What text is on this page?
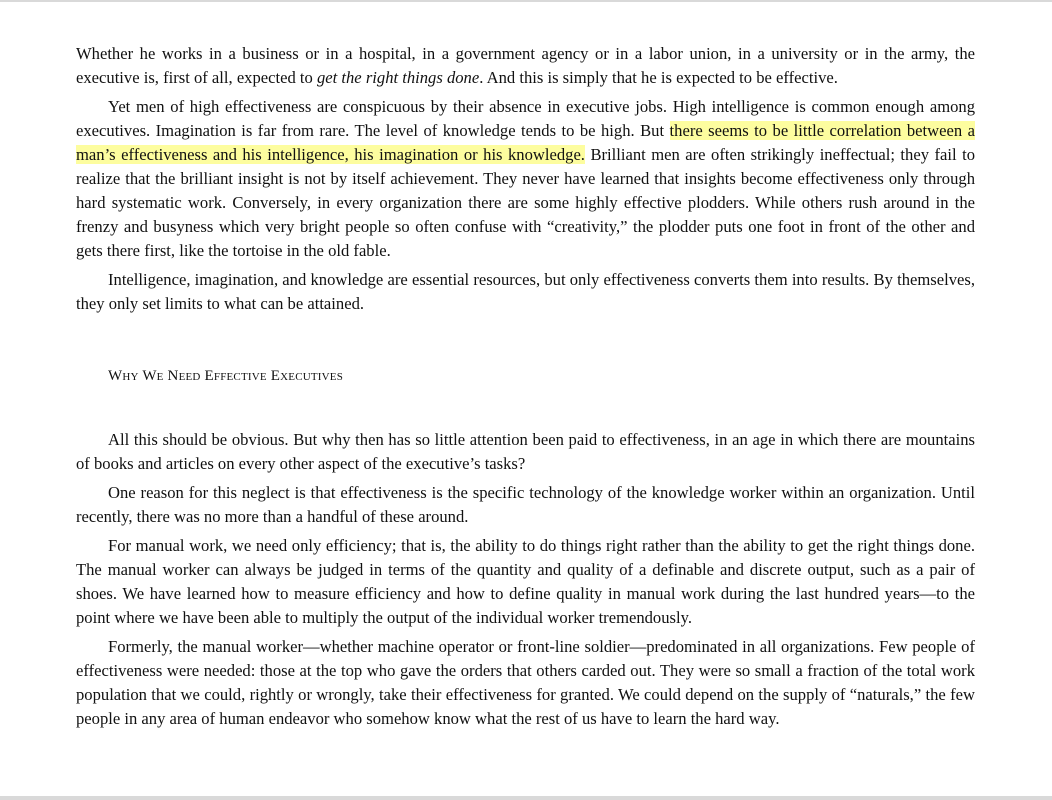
Whether he works in a business or in a hospital, in a government agency or in a labor union, in a university or in the army, the executive is, first of all, expected to get the right things done. And this is simply that he is expected to be effective.

Yet men of high effectiveness are conspicuous by their absence in executive jobs. High intelligence is common enough among executives. Imagination is far from rare. The level of knowledge tends to be high. But there seems to be little correlation between a man’s effectiveness and his intelligence, his imagination or his knowledge. Brilliant men are often strikingly ineffectual; they fail to realize that the brilliant insight is not by itself achievement. They never have learned that insights become effectiveness only through hard systematic work. Conversely, in every organization there are some highly effective plodders. While others rush around in the frenzy and busyness which very bright people so often confuse with “creativity,” the plodder puts one foot in front of the other and gets there first, like the tortoise in the old fable.

Intelligence, imagination, and knowledge are essential resources, but only effectiveness converts them into results. By themselves, they only set limits to what can be attained.

Why We Need Effective Executives

All this should be obvious. But why then has so little attention been paid to effectiveness, in an age in which there are mountains of books and articles on every other aspect of the executive’s tasks?

One reason for this neglect is that effectiveness is the specific technology of the knowledge worker within an organization. Until recently, there was no more than a handful of these around.

For manual work, we need only efficiency; that is, the ability to do things right rather than the ability to get the right things done. The manual worker can always be judged in terms of the quantity and quality of a definable and discrete output, such as a pair of shoes. We have learned how to measure efficiency and how to define quality in manual work during the last hundred years—to the point where we have been able to multiply the output of the individual worker tremendously.

Formerly, the manual worker—whether machine operator or front-line soldier—predominated in all organizations. Few people of effectiveness were needed: those at the top who gave the orders that others carded out. They were so small a fraction of the total work population that we could, rightly or wrongly, take their effectiveness for granted. We could depend on the supply of “naturals,” the few people in any area of human endeavor who somehow know what the rest of us have to learn the hard way.
